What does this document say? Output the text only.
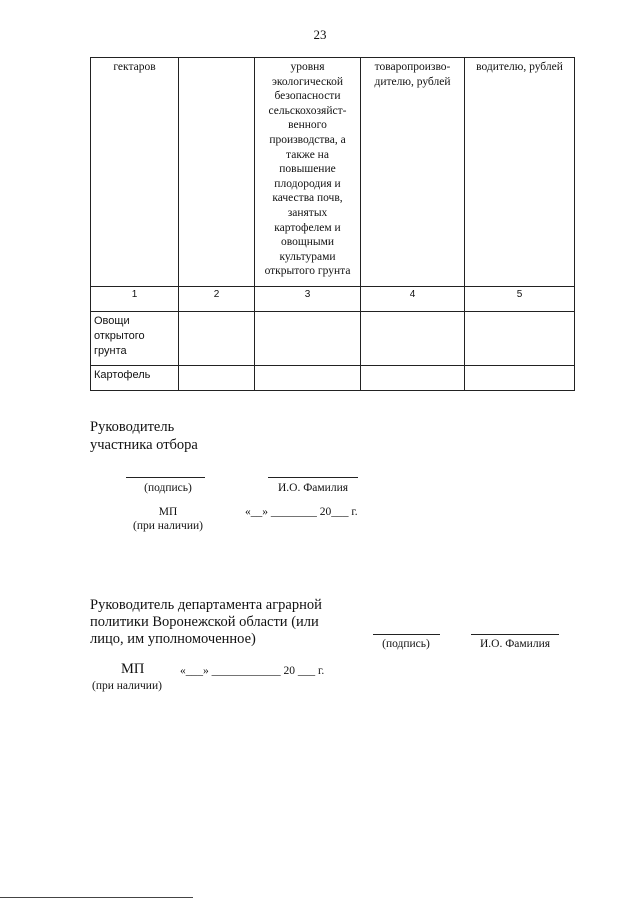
23
гектаров		уровня экологической безопасности сельскохозяйст-венного производства, а также на повышение плодородия и качества почв, занятых картофелем и овощными культурами открытого грунта	товаропроизво-дителю, рублей	водителю, рублей
1	2	3	4	5
Овощи открытого грунта				
Картофель				
Руководитель
участника отбора
(подпись)	И.О. Фамилия
МП
(при наличии)
«__» ________ 20___ г.
Руководитель департамента аграрной
политики Воронежской области (или
лицо, им уполномоченное)	(подпись)	И.О. Фамилия
МП	«___» ____________ 20 ___ г.
(при наличии)
